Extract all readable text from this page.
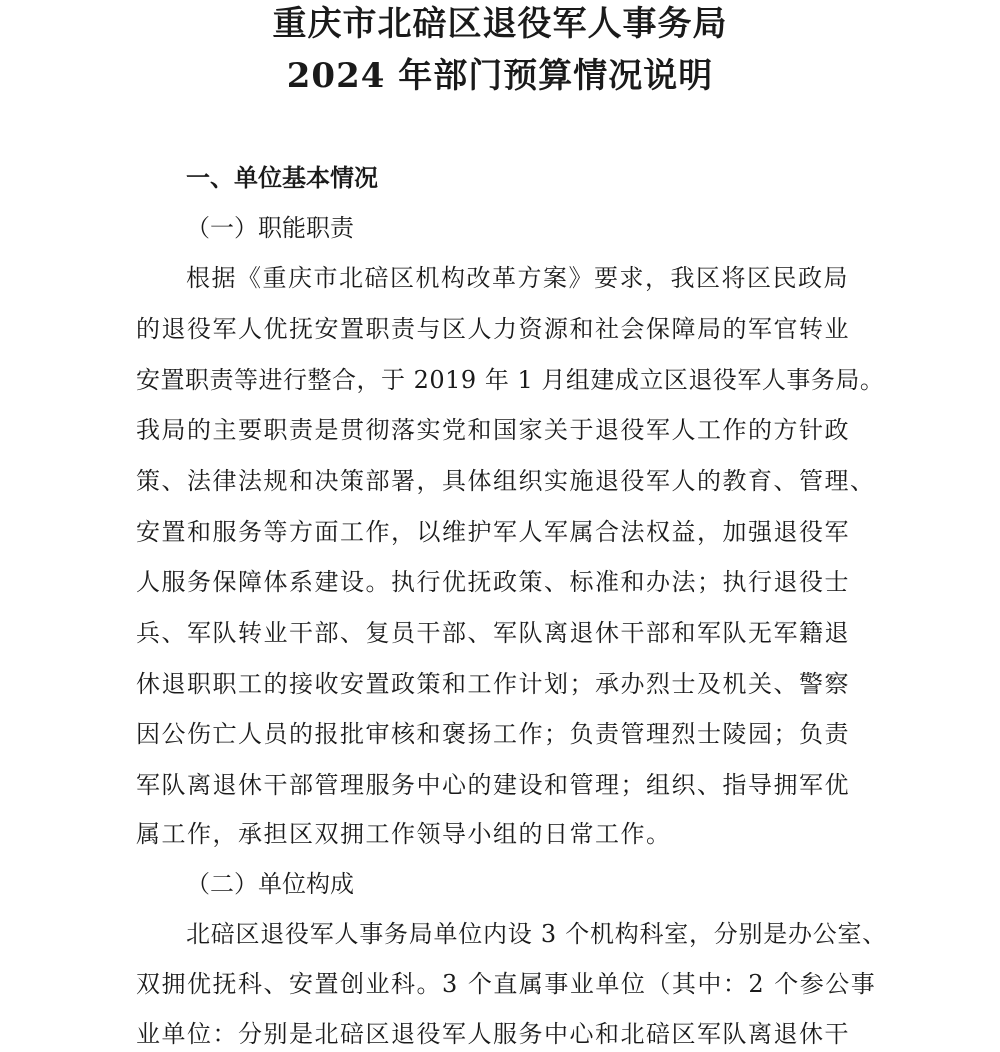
重庆市北碚区退役军人事务局
2024 年部门预算情况说明
一、单位基本情况
（一）职能职责
根据《重庆市北碚区机构改革方案》要求，我区将区民政局
的退役军人优抚安置职责与区人力资源和社会保障局的军官转业
安置职责等进行整合，于 2019 年 1 月组建成立区退役军人事务局。
我局的主要职责是贯彻落实党和国家关于退役军人工作的方针政
策、法律法规和决策部署，具体组织实施退役军人的教育、管理、
安置和服务等方面工作，以维护军人军属合法权益，加强退役军
人服务保障体系建设。执行优抚政策、标准和办法；执行退役士
兵、军队转业干部、复员干部、军队离退休干部和军队无军籍退
休退职职工的接收安置政策和工作计划；承办烈士及机关、警察
因公伤亡人员的报批审核和褒扬工作；负责管理烈士陵园；负责
军队离退休干部管理服务中心的建设和管理；组织、指导拥军优
属工作，承担区双拥工作领导小组的日常工作。
（二）单位构成
北碚区退役军人事务局单位内设 3 个机构科室，分别是办公室、
双拥优抚科、安置创业科。3 个直属事业单位（其中：2 个参公事
业单位：分别是北碚区退役军人服务中心和北碚区军队离退休干
